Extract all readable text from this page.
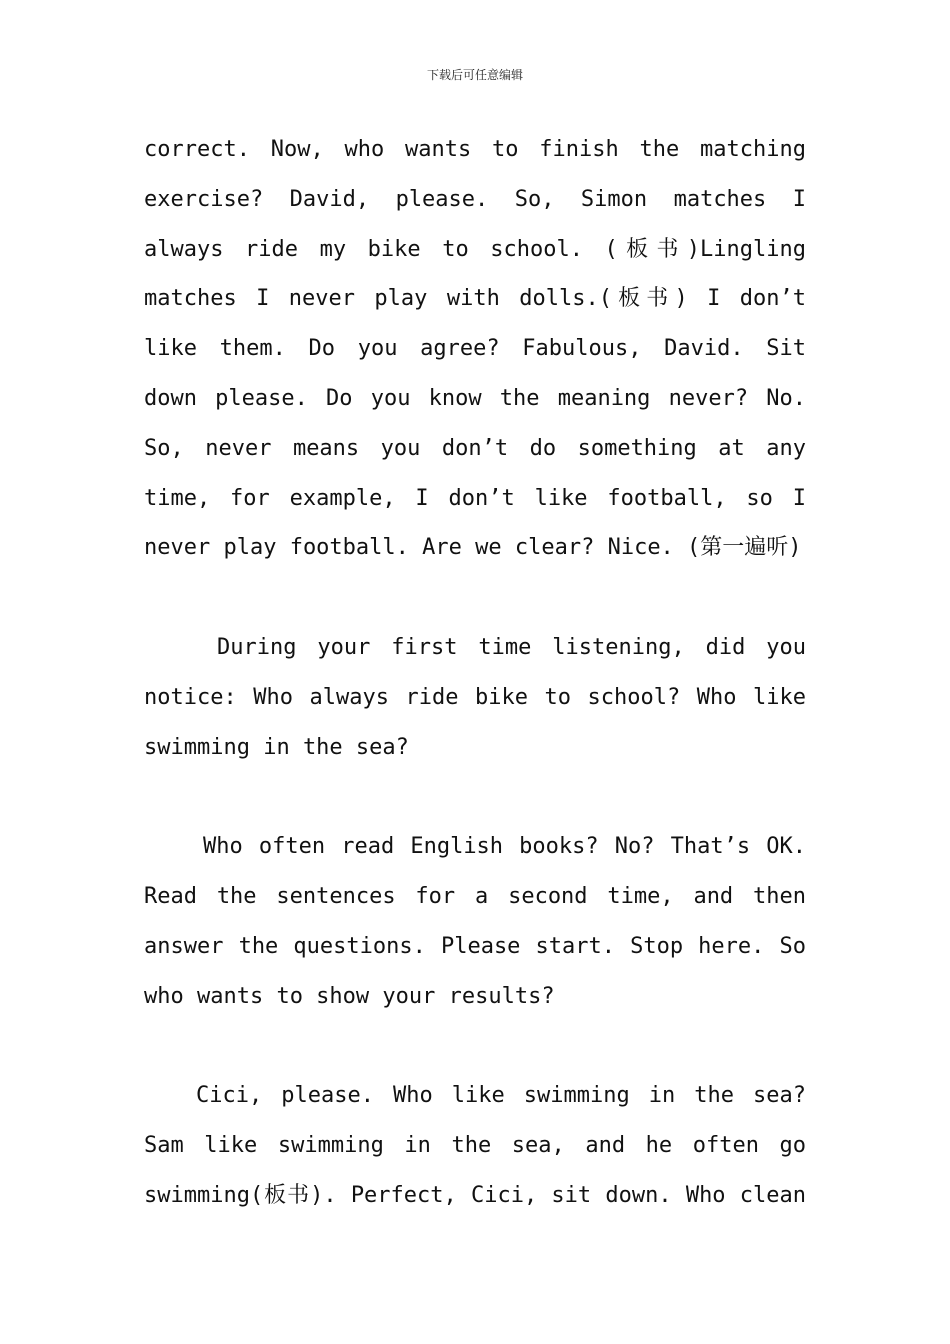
下载后可任意编辑

correct. Now, who wants to finish the matching exercise? David, please. So, Simon matches I always ride my bike to school. (板书)Lingling matches I never play with dolls.(板书) I don’t like them. Do you agree? Fabulous, David. Sit down please. Do you know the meaning never? No. So, never means you don’t do something at any time, for example, I don’t like football, so I never play football. Are we clear? Nice. (第一遍听)

During your first time listening, did you notice: Who always ride bike to school? Who like swimming in the sea?

Who often read English books? No? That’s OK. Read the sentences for a second time, and then answer the questions. Please start. Stop here. So who wants to show your results?

Cici, please. Who like swimming in the sea? Sam like swimming in the sea, and he often go swimming(板书). Perfect, Cici, sit down. Who clean
